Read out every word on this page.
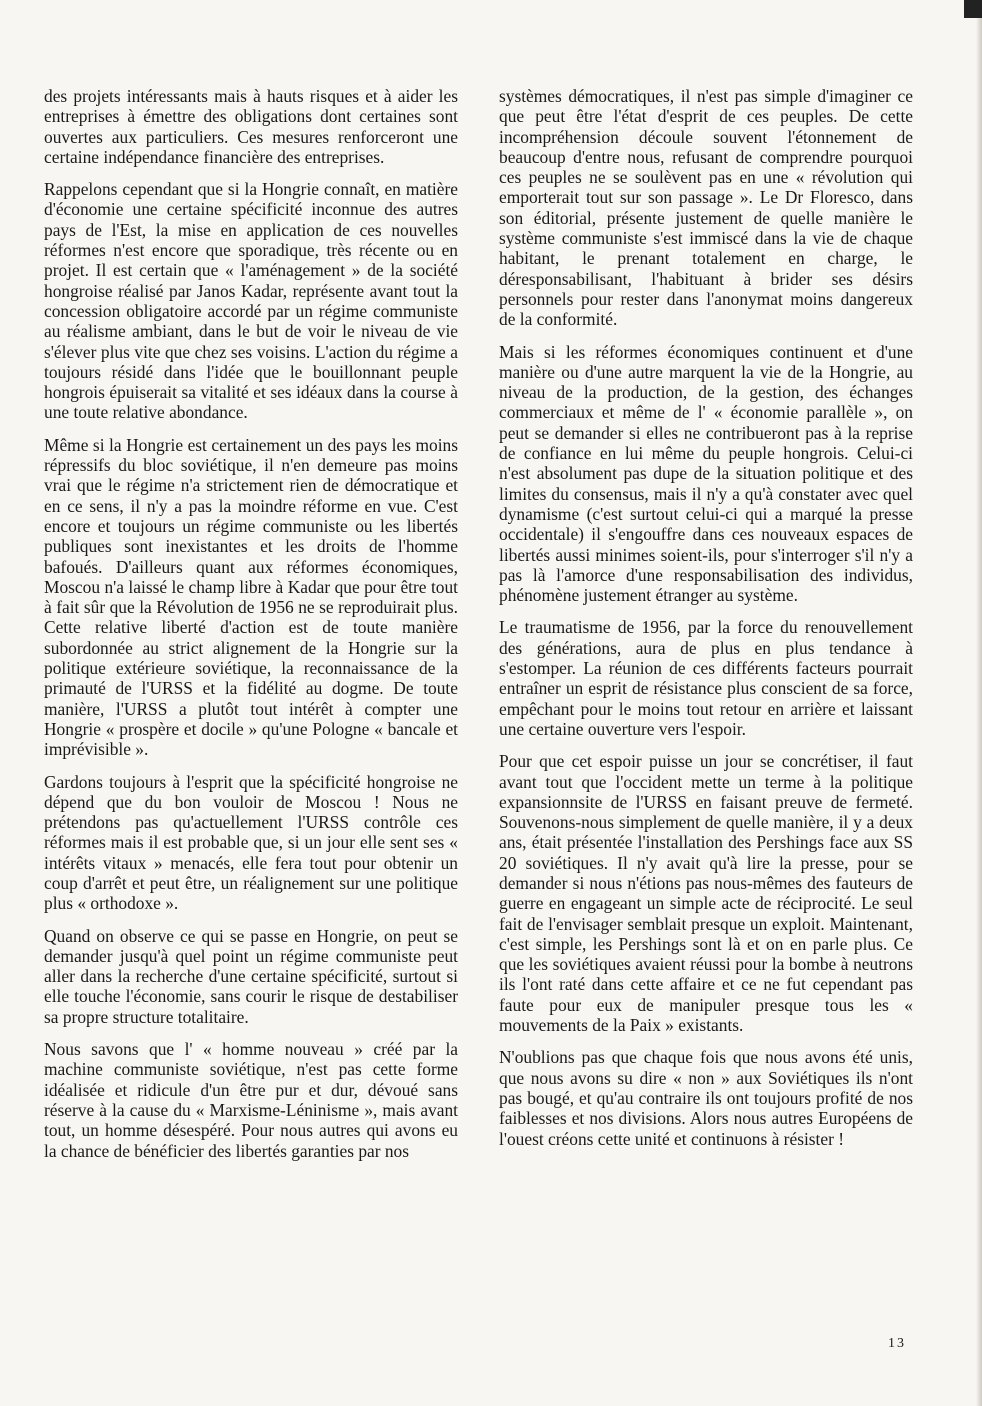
des projets intéressants mais à hauts risques et à aider les entreprises à émettre des obligations dont certaines sont ouvertes aux particuliers. Ces mesures renforceront une certaine indépendance financière des entreprises.

Rappelons cependant que si la Hongrie connaît, en matière d'économie une certaine spécificité inconnue des autres pays de l'Est, la mise en application de ces nouvelles réformes n'est encore que sporadique, très récente ou en projet. Il est certain que « l'aménagement » de la société hongroise réalisé par Janos Kadar, représente avant tout la concession obligatoire accordé par un régime communiste au réalisme ambiant, dans le but de voir le niveau de vie s'élever plus vite que chez ses voisins. L'action du régime a toujours résidé dans l'idée que le bouillonnant peuple hongrois épuiserait sa vitalité et ses idéaux dans la course à une toute relative abondance.

Même si la Hongrie est certainement un des pays les moins répressifs du bloc soviétique, il n'en demeure pas moins vrai que le régime n'a strictement rien de démocratique et en ce sens, il n'y a pas la moindre réforme en vue. C'est encore et toujours un régime communiste ou les libertés publiques sont inexistantes et les droits de l'homme bafoués. D'ailleurs quant aux réformes économiques, Moscou n'a laissé le champ libre à Kadar que pour être tout à fait sûr que la Révolution de 1956 ne se reproduirait plus. Cette relative liberté d'action est de toute manière subordonnée au strict alignement de la Hongrie sur la politique extérieure soviétique, la reconnaissance de la primauté de l'URSS et la fidélité au dogme. De toute manière, l'URSS a plutôt tout intérêt à compter une Hongrie « prospère et docile » qu'une Pologne « bancale et imprévisible ».

Gardons toujours à l'esprit que la spécificité hongroise ne dépend que du bon vouloir de Moscou ! Nous ne prétendons pas qu'actuellement l'URSS contrôle ces réformes mais il est probable que, si un jour elle sent ses « intérêts vitaux » menacés, elle fera tout pour obtenir un coup d'arrêt et peut être, un réalignement sur une politique plus « orthodoxe ».

Quand on observe ce qui se passe en Hongrie, on peut se demander jusqu'à quel point un régime communiste peut aller dans la recherche d'une certaine spécificité, surtout si elle touche l'économie, sans courir le risque de destabiliser sa propre structure totalitaire.

Nous savons que l' « homme nouveau » créé par la machine communiste soviétique, n'est pas cette forme idéalisée et ridicule d'un être pur et dur, dévoué sans réserve à la cause du « Marxisme-Léninisme », mais avant tout, un homme désespéré. Pour nous autres qui avons eu la chance de bénéficier des libertés garanties par nos

systèmes démocratiques, il n'est pas simple d'imaginer ce que peut être l'état d'esprit de ces peuples. De cette incompréhension découle souvent l'étonnement de beaucoup d'entre nous, refusant de comprendre pourquoi ces peuples ne se soulèvent pas en une « révolution qui emporterait tout sur son passage ». Le Dr Floresco, dans son éditorial, présente justement de quelle manière le système communiste s'est immiscé dans la vie de chaque habitant, le prenant totalement en charge, le déresponsabilisant, l'habituant à brider ses désirs personnels pour rester dans l'anonymat moins dangereux de la conformité.

Mais si les réformes économiques continuent et d'une manière ou d'une autre marquent la vie de la Hongrie, au niveau de la production, de la gestion, des échanges commerciaux et même de l' « économie parallèle », on peut se demander si elles ne contribueront pas à la reprise de confiance en lui même du peuple hongrois. Celui-ci n'est absolument pas dupe de la situation politique et des limites du consensus, mais il n'y a qu'à constater avec quel dynamisme (c'est surtout celui-ci qui a marqué la presse occidentale) il s'engouffre dans ces nouveaux espaces de libertés aussi minimes soient-ils, pour s'interroger s'il n'y a pas là l'amorce d'une responsabilisation des individus, phénomène justement étranger au système.

Le traumatisme de 1956, par la force du renouvellement des générations, aura de plus en plus tendance à s'estomper. La réunion de ces différents facteurs pourrait entraîner un esprit de résistance plus conscient de sa force, empêchant pour le moins tout retour en arrière et laissant une certaine ouverture vers l'espoir.

Pour que cet espoir puisse un jour se concrétiser, il faut avant tout que l'occident mette un terme à la politique expansionnsite de l'URSS en faisant preuve de fermeté. Souvenons-nous simplement de quelle manière, il y a deux ans, était présentée l'installation des Pershings face aux SS 20 soviétiques. Il n'y avait qu'à lire la presse, pour se demander si nous n'étions pas nous-mêmes des fauteurs de guerre en engageant un simple acte de réciprocité. Le seul fait de l'envisager semblait presque un exploit. Maintenant, c'est simple, les Pershings sont là et on en parle plus. Ce que les soviétiques avaient réussi pour la bombe à neutrons ils l'ont raté dans cette affaire et ce ne fut cependant pas faute pour eux de manipuler presque tous les « mouvements de la Paix » existants.

N'oublions pas que chaque fois que nous avons été unis, que nous avons su dire « non » aux Soviétiques ils n'ont pas bougé, et qu'au contraire ils ont toujours profité de nos faiblesses et nos divisions. Alors nous autres Européens de l'ouest créons cette unité et continuons à résister !

13
